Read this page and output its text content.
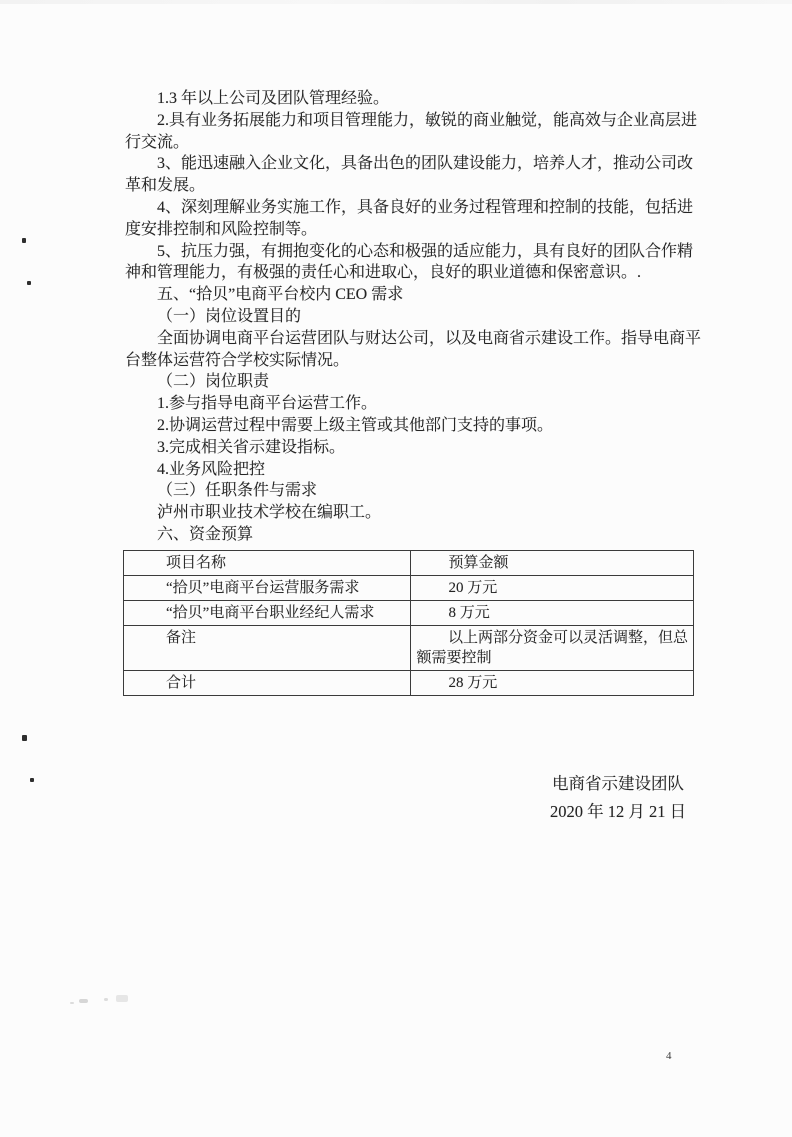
1.3 年以上公司及团队管理经验。

2.具有业务拓展能力和项目管理能力，敏锐的商业触觉，能高效与企业高层进行交流。

3、能迅速融入企业文化，具备出色的团队建设能力，培养人才，推动公司改革和发展。

4、深刻理解业务实施工作，具备良好的业务过程管理和控制的技能，包括进度安排控制和风险控制等。

5、抗压力强，有拥抱变化的心态和极强的适应能力，具有良好的团队合作精神和管理能力，有极强的责任心和进取心，良好的职业道德和保密意识。.

五、“拾贝”电商平台校内 CEO 需求

（一）岗位设置目的

全面协调电商平台运营团队与财达公司，以及电商省示建设工作。指导电商平台整体运营符合学校实际情况。

（二）岗位职责

1.参与指导电商平台运营工作。

2.协调运营过程中需要上级主管或其他部门支持的事项。

3.完成相关省示建设指标。

4.业务风险把控

（三）任职条件与需求

泸州市职业技术学校在编职工。

六、资金预算

项目名称	预算金额
“拾贝”电商平台运营服务需求	20 万元
“拾贝”电商平台职业经纪人需求	8 万元
备注	以上两部分资金可以灵活调整，但总额需要控制
合计	28 万元
电商省示建设团队
2020 年 12 月 21 日
4
